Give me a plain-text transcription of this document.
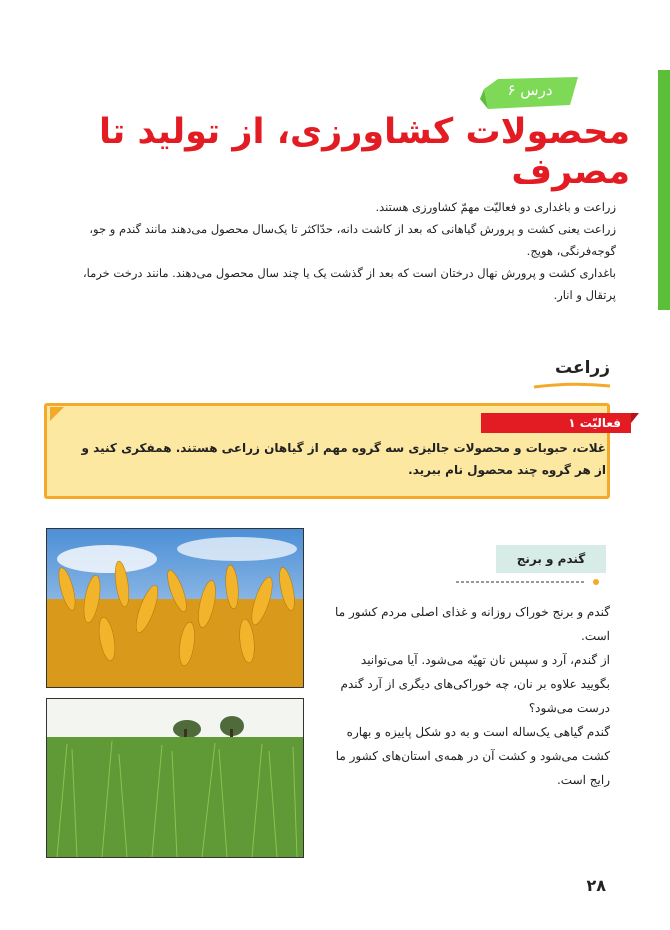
درس ۶
محصولات کشاورزی، از تولید تا مصرف

زراعت و باغداری دو فعالیّت مهمّ کشاورزی هستند.

زراعت یعنی کشت و پرورش گیاهانی که بعد از کاشت دانه، حدّاکثر تا یک‌سال محصول می‌دهند مانند گندم و جو، گوجه‌فرنگی، هویج.

باغداری کشت و پرورش نهال درختان است که بعد از گذشت یک یا چند سال محصول می‌دهند. مانند درخت خرما، پرتقال و انار.

زراعت
فعالیّت ۱
غلات، حبوبات و محصولات جالیزی سه گروه مهم از گیاهان زراعی هستند. همفکری کنید و از هر گروه چند محصول نام ببرید.
گندم و برنج

گندم و برنج خوراک روزانه و غذای اصلی مردم کشور ما است.

از گندم، آرد و سپس نان تهیّه می‌شود. آیا می‌توانید بگویید علاوه بر نان، چه خوراکی‌های دیگری از آرد گندم درست می‌شود؟

گندم گیاهی یک‌ساله است و به دو شکل پاییزه و بهاره کشت می‌شود و کشت آن در همه‌ی استان‌های کشور ما رایج است.

۲۸
